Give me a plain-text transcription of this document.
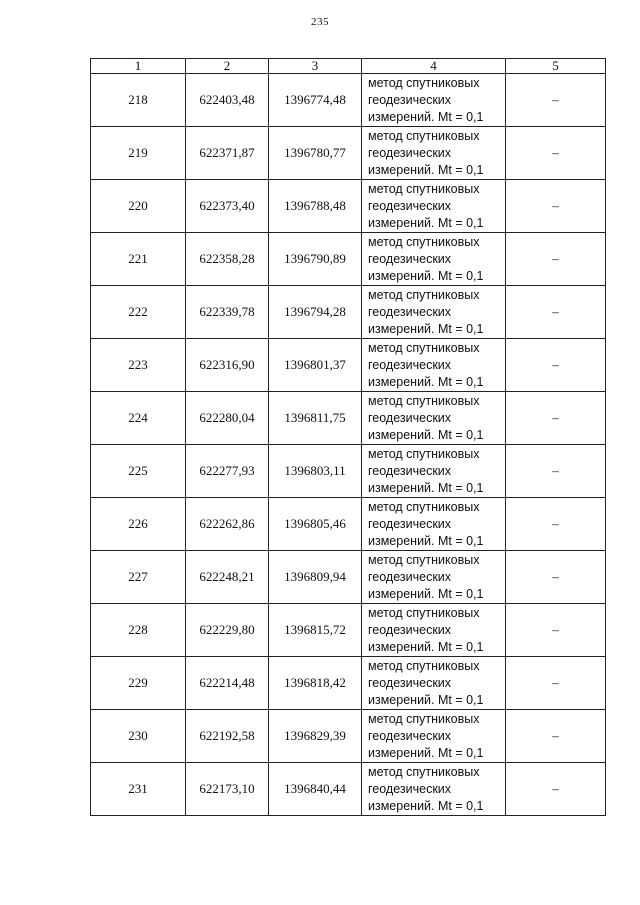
235
1	2	3	4	5
218	622403,48	1396774,48	метод спутниковых
геодезических
измерений. Mt = 0,1	–
219	622371,87	1396780,77	метод спутниковых
геодезических
измерений. Mt = 0,1	–
220	622373,40	1396788,48	метод спутниковых
геодезических
измерений. Mt = 0,1	–
221	622358,28	1396790,89	метод спутниковых
геодезических
измерений. Mt = 0,1	–
222	622339,78	1396794,28	метод спутниковых
геодезических
измерений. Mt = 0,1	–
223	622316,90	1396801,37	метод спутниковых
геодезических
измерений. Mt = 0,1	–
224	622280,04	1396811,75	метод спутниковых
геодезических
измерений. Mt = 0,1	–
225	622277,93	1396803,11	метод спутниковых
геодезических
измерений. Mt = 0,1	–
226	622262,86	1396805,46	метод спутниковых
геодезических
измерений. Mt = 0,1	–
227	622248,21	1396809,94	метод спутниковых
геодезических
измерений. Mt = 0,1	–
228	622229,80	1396815,72	метод спутниковых
геодезических
измерений. Mt = 0,1	–
229	622214,48	1396818,42	метод спутниковых
геодезических
измерений. Mt = 0,1	–
230	622192,58	1396829,39	метод спутниковых
геодезических
измерений. Mt = 0,1	–
231	622173,10	1396840,44	метод спутниковых
геодезических
измерений. Mt = 0,1	–
